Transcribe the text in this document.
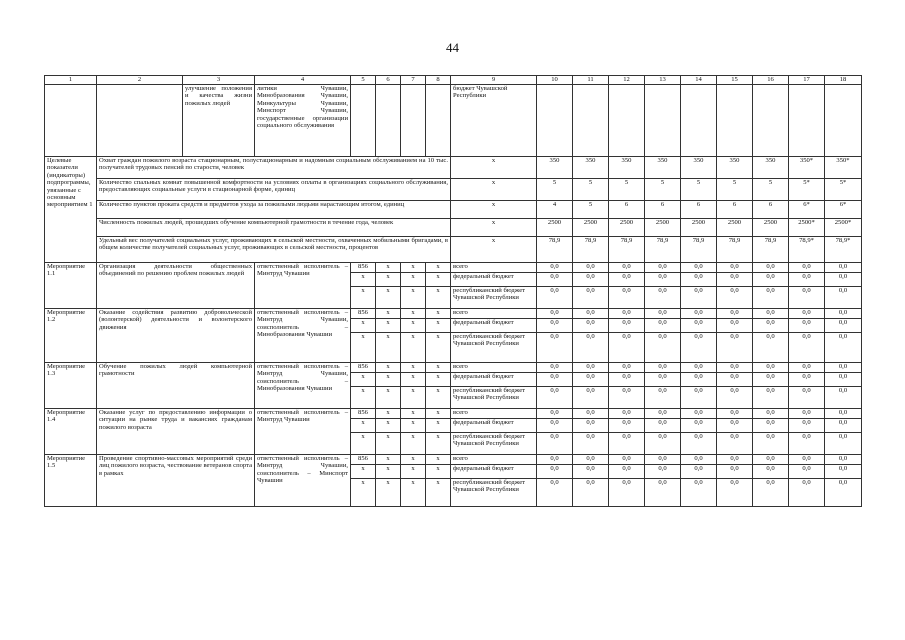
44
1	2	3	4	5	6	7	8	9	10	11	12	13	14	15	16	17	18
		улучшение положения и качества жизни пожилых людей	литики Чувашии, Минобразования Чувашии, Минкультуры Чувашии, Минспорт Чувашии, государственные организации социального обслуживания					бюджет Чувашской Республики									
Целевые показатели (индикаторы) подпрограммы, увязанные с основным мероприятием 1	Охват граждан пожилого возраста стационарным, полустационарным и надомным социальным обслуживанием на 10 тыс. получателей трудовых пенсий по старости, человек							x	350	350	350	350	350	350	350	350*	350*
	Количество спальных комнат повышенной комфортности на условиях оплаты в организациях социального обслуживания, предоставляющих социальные услуги в стационарной форме, единиц							x	5	5	5	5	5	5	5	5*	5*
	Количество пунктов проката средств и предметов ухода за пожилыми людьми нарастающим итогом, единиц							x	4	5	6	6	6	6	6	6*	6*
	Численность пожилых людей, прошедших обучение компьютерной грамотности в течение года, человек							x	2500	2500	2500	2500	2500	2500	2500	2500*	2500*
	Удельный вес получателей социальных услуг, проживающих в сельской местности, охваченных мобильными бригадами, в общем количестве получателей социальных услуг, проживающих в сельской местности, процентов							x	78,9	78,9	78,9	78,9	78,9	78,9	78,9	78,9*	78,9*
Мероприятие 1.1	Организация деятельности общественных объединений по решению проблем пожилых людей		ответственный исполнитель – Минтруд Чувашии	856	x	x	x	всего	0,0	0,0	0,0	0,0	0,0	0,0	0,0	0,0	0,0
				x	x	x	x	федеральный бюджет	0,0	0,0	0,0	0,0	0,0	0,0	0,0	0,0	0,0
				x	x	x	x	республиканский бюджет Чувашской Республики	0,0	0,0	0,0	0,0	0,0	0,0	0,0	0,0	0,0
Мероприятие 1.2	Оказание содействия развитию добровольческой (волонтерской) деятельности и волонтерского движения		ответственный исполнитель – Минтруд Чувашии, соисполнитель – Минобразования Чувашии	856	x	x	x	всего	0,0	0,0	0,0	0,0	0,0	0,0	0,0	0,0	0,0
				x	x	x	x	федеральный бюджет	0,0	0,0	0,0	0,0	0,0	0,0	0,0	0,0	0,0
				x	x	x	x	республиканский бюджет Чувашской Республики	0,0	0,0	0,0	0,0	0,0	0,0	0,0	0,0	0,0
Мероприятие 1.3	Обучение пожилых людей компьютерной грамотности		ответственный исполнитель – Минтруд Чувашии, соисполнитель – Минобразования Чувашии	856	x	x	x	всего	0,0	0,0	0,0	0,0	0,0	0,0	0,0	0,0	0,0
				x	x	x	x	федеральный бюджет	0,0	0,0	0,0	0,0	0,0	0,0	0,0	0,0	0,0
				x	x	x	x	республиканский бюджет Чувашской Республики	0,0	0,0	0,0	0,0	0,0	0,0	0,0	0,0	0,0
Мероприятие 1.4	Оказание услуг по предоставлению информации о ситуации на рынке труда и вакансиях гражданам пожилого возраста		ответственный исполнитель – Минтруд Чувашии	856	x	x	x	всего	0,0	0,0	0,0	0,0	0,0	0,0	0,0	0,0	0,0
				x	x	x	x	федеральный бюджет	0,0	0,0	0,0	0,0	0,0	0,0	0,0	0,0	0,0
				x	x	x	x	республиканский бюджет Чувашской Республики	0,0	0,0	0,0	0,0	0,0	0,0	0,0	0,0	0,0
Мероприятие 1.5	Проведение спортивно-массовых мероприятий среди лиц пожилого возраста, чествование ветеранов спорта в рамках		ответственный исполнитель – Минтруд Чувашии, соисполнитель – Минспорт Чувашии	856	x	x	x	всего	0,0	0,0	0,0	0,0	0,0	0,0	0,0	0,0	0,0
				x	x	x	x	федеральный бюджет	0,0	0,0	0,0	0,0	0,0	0,0	0,0	0,0	0,0
				x	x	x	x	республиканский бюджет Чувашской Республики	0,0	0,0	0,0	0,0	0,0	0,0	0,0	0,0	0,0
